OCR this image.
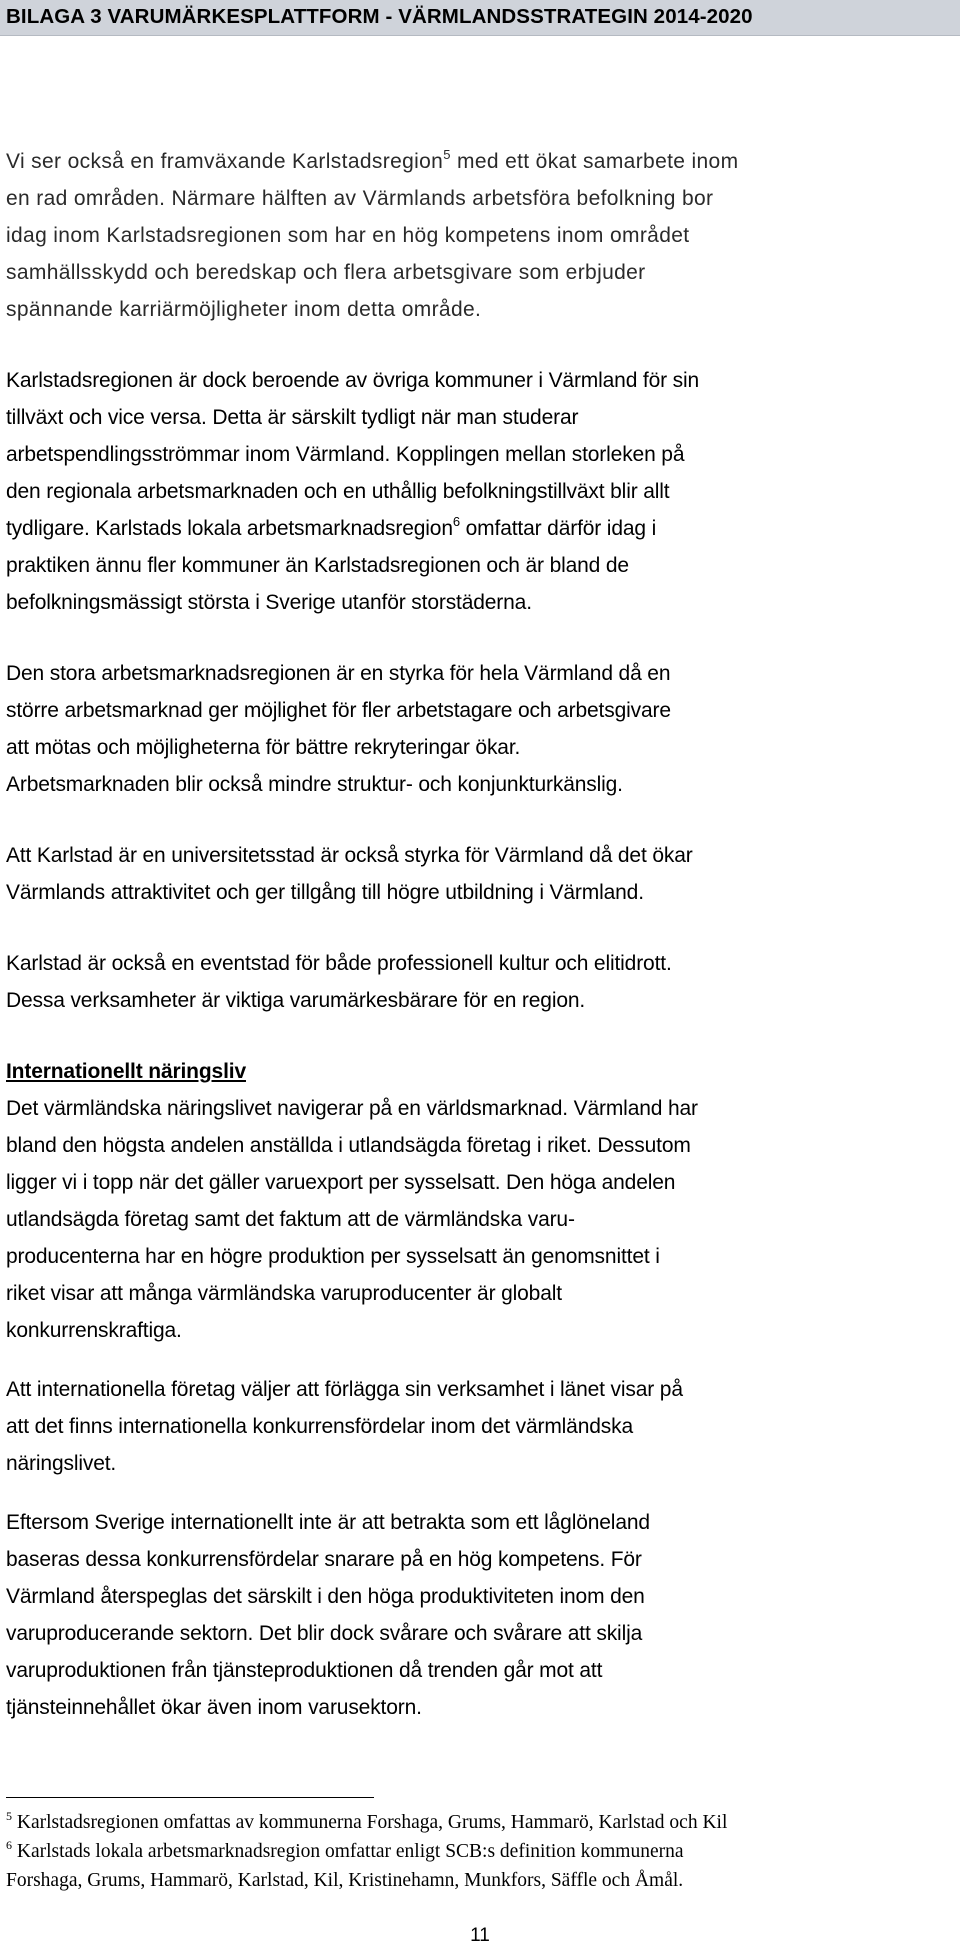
BILAGA 3 VARUMÄRKESPLATTFORM - VÄRMLANDSSTRATEGIN 2014-2020

Vi ser också en framväxande Karlstadsregion$^5$ med ett ökat samarbete inom
en rad områden. Närmare hälften av Värmlands arbetsföra befolkning bor
idag inom Karlstadsregionen som har en hög kompetens inom området
samhällsskydd och beredskap och flera arbetsgivare som erbjuder
spännande karriärmöjligheter inom detta område.

Karlstadsregionen är dock beroende av övriga kommuner i Värmland för sin
tillväxt och vice versa. Detta är särskilt tydligt när man studerar
arbetspendlingsströmmar inom Värmland. Kopplingen mellan storleken på
den regionala arbetsmarknaden och en uthållig befolkningstillväxt blir allt
tydligare. Karlstads lokala arbetsmarknadsregion$^6$ omfattar därför idag i
praktiken ännu fler kommuner än Karlstadsregionen och är bland de
befolkningsmässigt största i Sverige utanför storstäderna.

Den stora arbetsmarknadsregionen är en styrka för hela Värmland då en
större arbetsmarknad ger möjlighet för fler arbetstagare och arbetsgivare
att mötas och möjligheterna för bättre rekryteringar ökar.
Arbetsmarknaden blir också mindre struktur- och konjunkturkänslig.

Att Karlstad är en universitetsstad är också styrka för Värmland då det ökar
Värmlands attraktivitet och ger tillgång till högre utbildning i Värmland.

Karlstad är också en eventstad för både professionell kultur och elitidrott.
Dessa verksamheter är viktiga varumärkesbärare för en region.

Internationellt näringsliv

Det värmländska näringslivet navigerar på en världsmarknad. Värmland har
bland den högsta andelen anställda i utlandsägda företag i riket. Dessutom
ligger vi i topp när det gäller varuexport per sysselsatt. Den höga andelen
utlandsägda företag samt det faktum att de värmländska varu-
producenterna har en högre produktion per sysselsatt än genomsnittet i
riket visar att många värmländska varuproducenter är globalt
konkurrenskraftiga.

Att internationella företag väljer att förlägga sin verksamhet i länet visar på
att det finns internationella konkurrensfördelar inom det värmländska
näringslivet.

Eftersom Sverige internationellt inte är att betrakta som ett låglöneland
baseras dessa konkurrensfördelar snarare på en hög kompetens. För
Värmland återspeglas det särskilt i den höga produktiviteten inom den
varuproducerande sektorn. Det blir dock svårare och svårare att skilja
varuproduktionen från tjänsteproduktionen då trenden går mot att
tjänsteinnehållet ökar även inom varusektorn.

$^5$ Karlstadsregionen omfattas av kommunerna Forshaga, Grums, Hammarö, Karlstad och Kil

$^6$ Karlstads lokala arbetsmarknadsregion omfattar enligt SCB:s definition kommunerna

Forshaga, Grums, Hammarö, Karlstad, Kil, Kristinehamn, Munkfors, Säffle och Åmål.

11
